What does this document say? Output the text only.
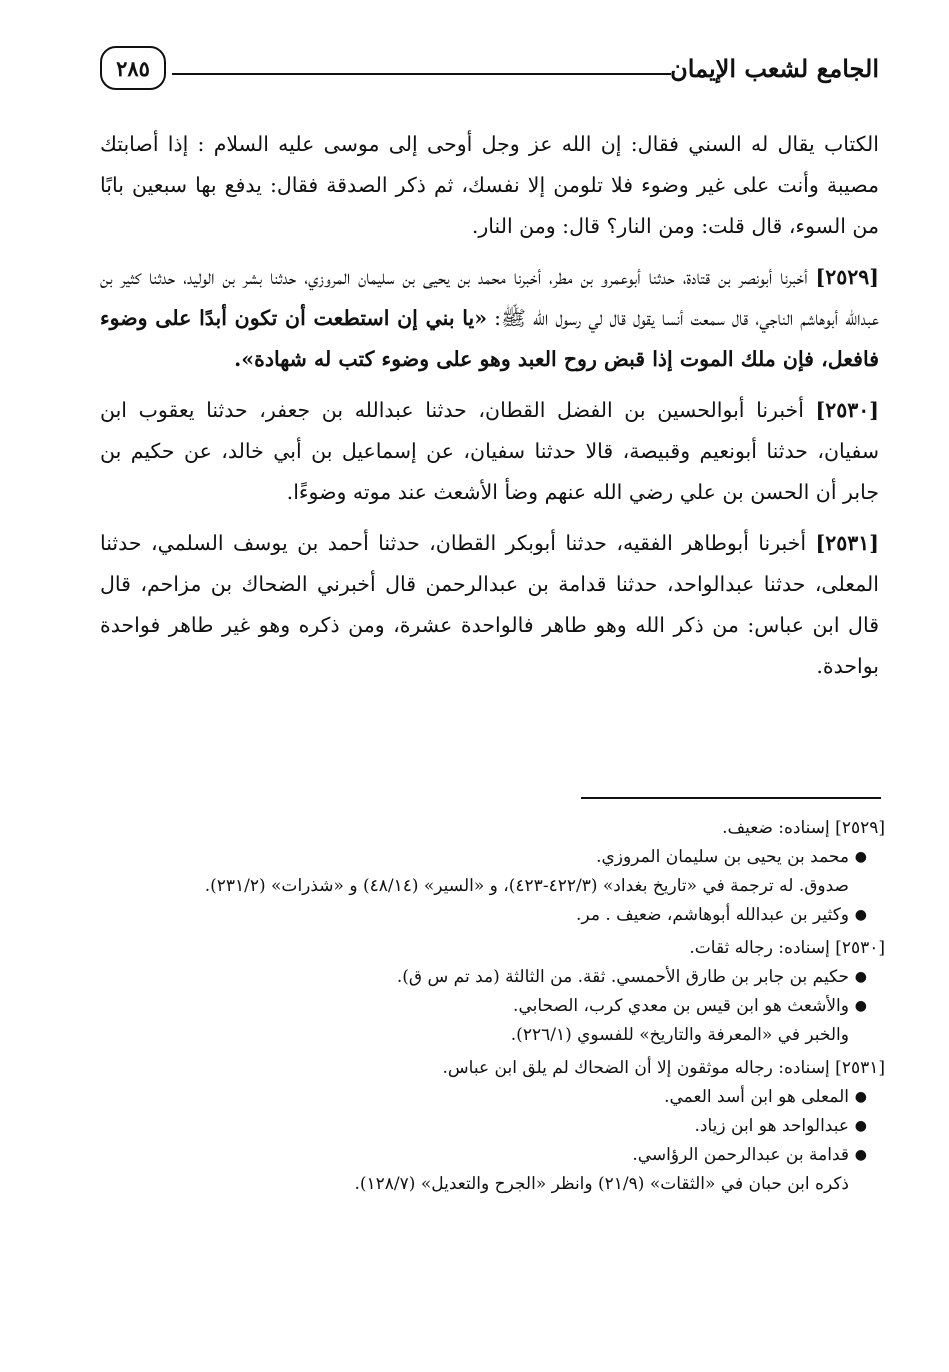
الجامع لشعب الإيمان
٢٨٥

الكتاب يقال له السني فقال: إن الله عز وجل أوحى إلى موسى عليه السلام : إذا أصابتك مصيبة وأنت على غير وضوء فلا تلومن إلا نفسك، ثم ذكر الصدقة فقال: يدفع بها سبعين بابًا من السوء، قال قلت: ومن النار؟ قال: ومن النار.

[٢٥٢٩] أخبرنا أبونصر بن قتادة، حدثنا أبوعمرو بن مطر، أخبرنا محمد بن يحيى بن سليمان المروزي، حدثنا بشر بن الوليد، حدثنا كثير بن عبدالله أبوهاشم الناجي، قال سمعت أنسا يقول قال لي رسول الله ﷺ: «يا بني إن استطعت أن تكون أبدًا على وضوء فافعل، فإن ملك الموت إذا قبض روح العبد وهو على وضوء كتب له شهادة».

[٢٥٣٠] أخبرنا أبوالحسين بن الفضل القطان، حدثنا عبدالله بن جعفر، حدثنا يعقوب ابن سفيان، حدثنا أبونعيم وقبيصة، قالا حدثنا سفيان، عن إسماعيل بن أبي خالد، عن حكيم بن جابر أن الحسن بن علي رضي الله عنهم وضأ الأشعث عند موته وضوءًا.

[٢٥٣١] أخبرنا أبوطاهر الفقيه، حدثنا أبوبكر القطان، حدثنا أحمد بن يوسف السلمي، حدثنا المعلى، حدثنا عبدالواحد، حدثنا قدامة بن عبدالرحمن قال أخبرني الضحاك بن مزاحم، قال قال ابن عباس: من ذكر الله وهو طاهر فالواحدة عشرة، ومن ذكره وهو غير طاهر فواحدة بواحدة.

[٢٥٢٩] إسناده: ضعيف.

●
محمد بن يحيى بن سليمان المروزي.

صدوق. له ترجمة في «تاريخ بغداد» (٤٢٢/٣-٤٢٣)، و «السير» (٤٨/١٤) و «شذرات» (٢٣١/٢).

●
وكثير بن عبدالله أبوهاشم، ضعيف . مر.

[٢٥٣٠] إسناده: رجاله ثقات.

●
حكيم بن جابر بن طارق الأحمسي. ثقة. من الثالثة (مد تم س ق).
●
والأشعث هو ابن قيس بن معدي كرب، الصحابي.

والخبر في «المعرفة والتاريخ» للفسوي (٢٢٦/١).

[٢٥٣١] إسناده: رجاله موثقون إلا أن الضحاك لم يلق ابن عباس.

●
المعلى هو ابن أسد العمي.
●
عبدالواحد هو ابن زياد.
●
قدامة بن عبدالرحمن الرؤاسي.

ذكره ابن حبان في «الثقات» (٢١/٩) وانظر «الجرح والتعديل» (١٢٨/٧).
